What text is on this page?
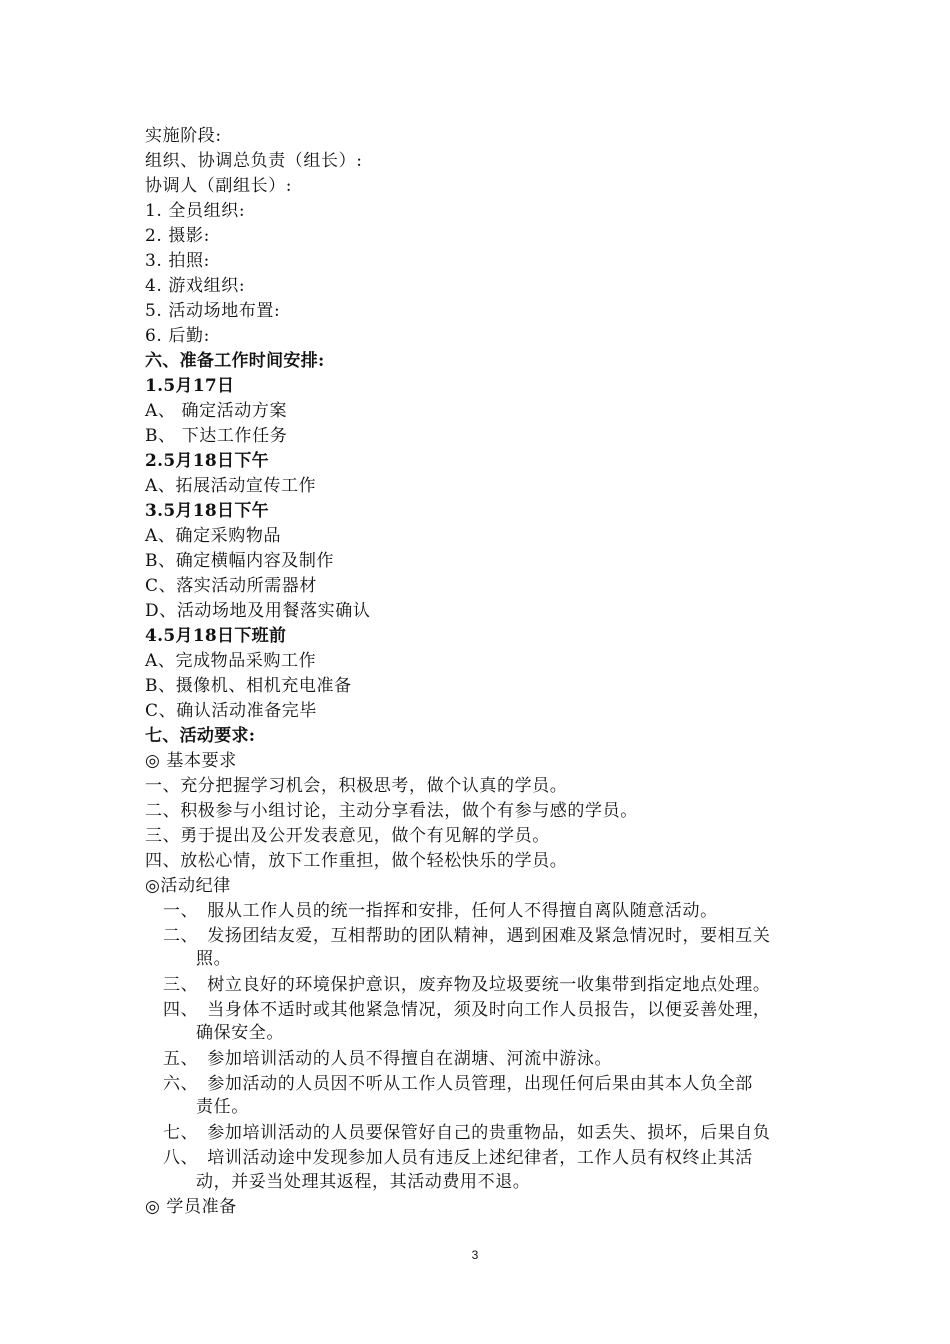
实施阶段:
组织、协调总负责（组长）:
协调人（副组长）:
1. 全员组织:
2. 摄影:
3. 拍照:
4. 游戏组织:
5. 活动场地布置:
6. 后勤:
六、准备工作时间安排:
1.5月17日
A、 确定活动方案
B、 下达工作任务
2.5月18日下午
A、拓展活动宣传工作
3.5月18日下午
A、确定采购物品
B、确定横幅内容及制作
C、落实活动所需器材
D、活动场地及用餐落实确认
4.5月18日下班前
A、完成物品采购工作
B、摄像机、相机充电准备
C、确认活动准备完毕
七、活动要求:
◎ 基本要求
一、充分把握学习机会，积极思考，做个认真的学员。
二、积极参与小组讨论，主动分享看法，做个有参与感的学员。
三、勇于提出及公开发表意见，做个有见解的学员。
四、放松心情，放下工作重担，做个轻松快乐的学员。
◎活动纪律
一、　服从工作人员的统一指挥和安排，任何人不得擅自离队随意活动。
二、　发扬团结友爱，互相帮助的团队精神，遇到困难及紧急情况时，要相互关
照。
三、　树立良好的环境保护意识，废弃物及垃圾要统一收集带到指定地点处理。
四、　当身体不适时或其他紧急情况，须及时向工作人员报告，以便妥善处理，
确保安全。
五、　参加培训活动的人员不得擅自在湖塘、河流中游泳。
六、　参加活动的人员因不听从工作人员管理，出现任何后果由其本人负全部
责任。
七、　参加培训活动的人员要保管好自己的贵重物品，如丢失、损坏，后果自负
八、　培训活动途中发现参加人员有违反上述纪律者，工作人员有权终止其活
动，并妥当处理其返程，其活动费用不退。
◎ 学员准备
3
